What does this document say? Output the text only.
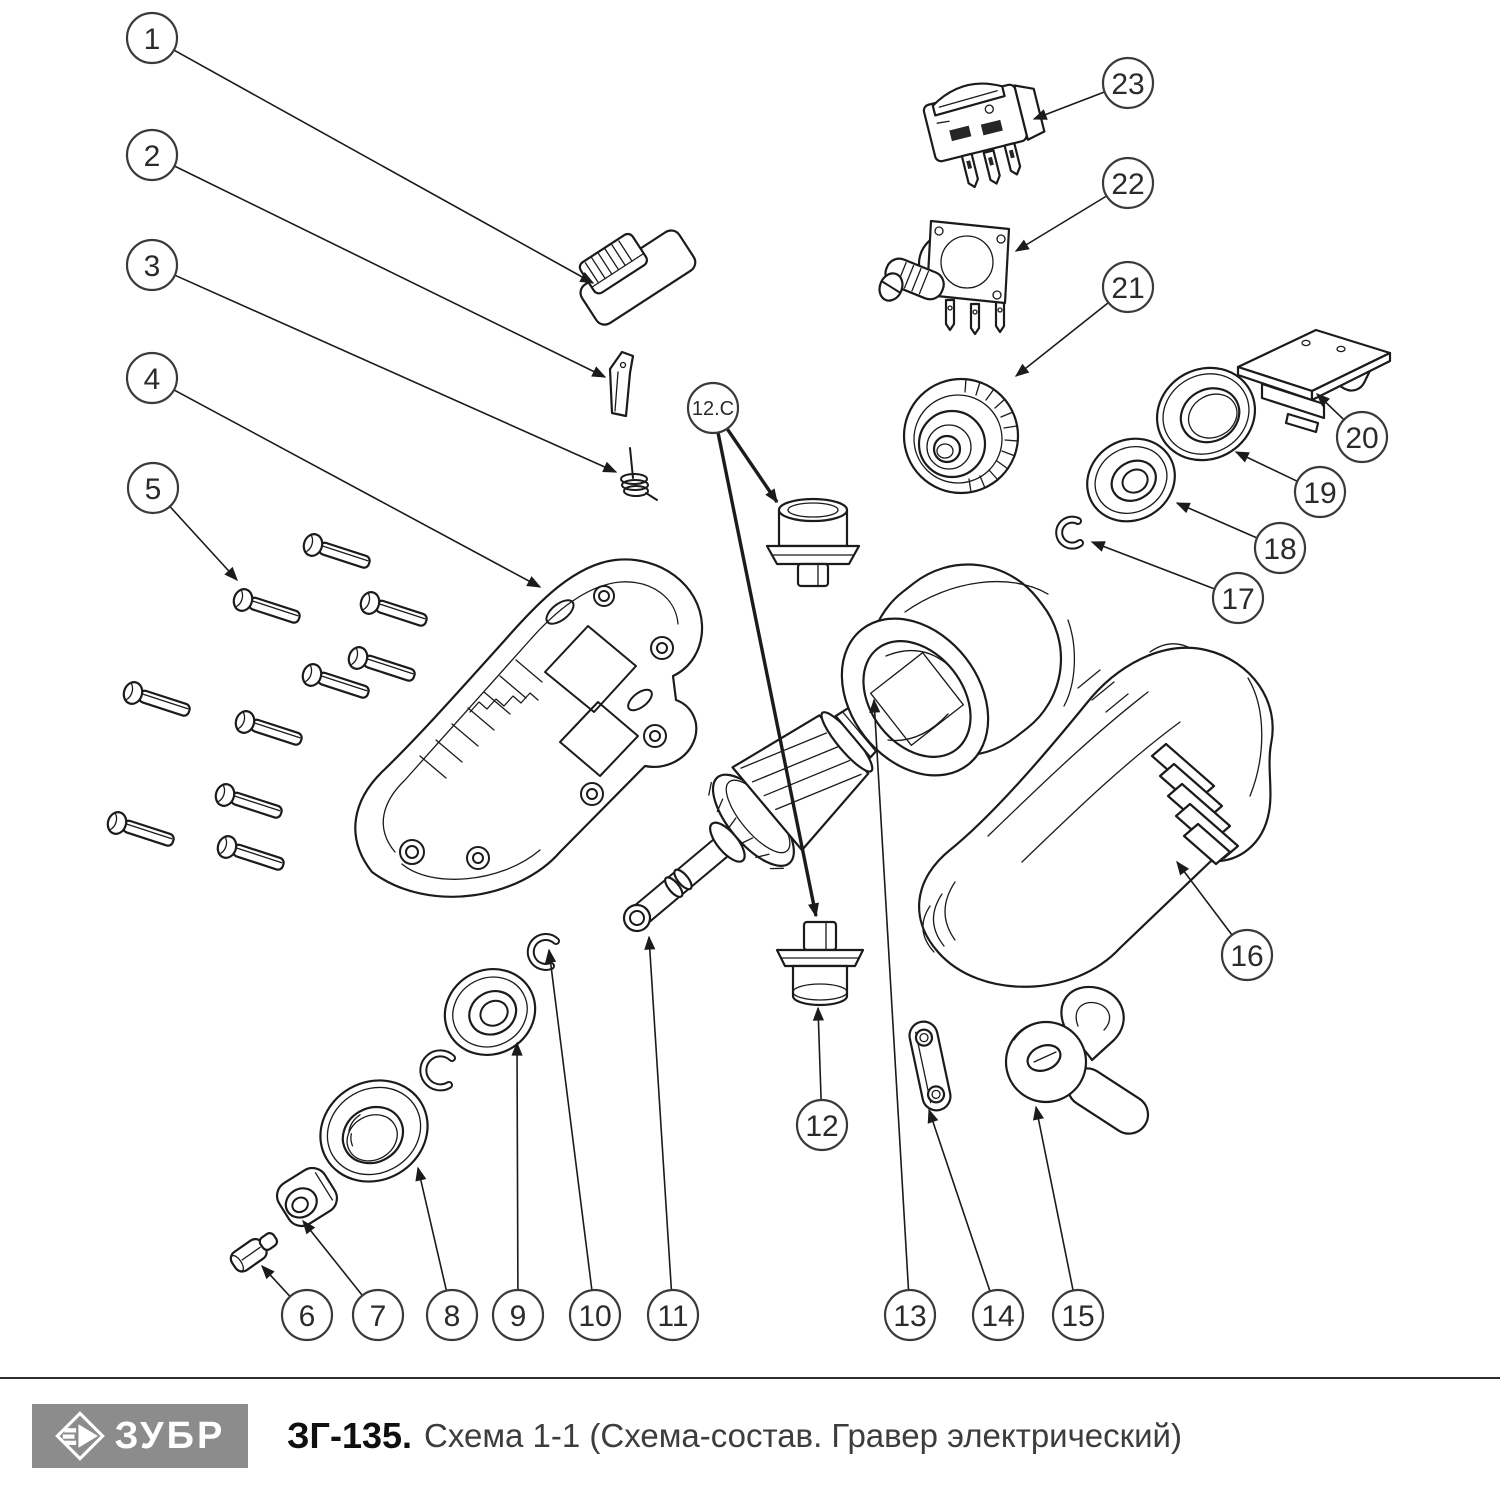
1
2
3
4
5
6 7 8 9 10 11
12
12.C
13 14 15
16
17
18
19
20
21
22
23
ЗУБР ЗГ-135. Схема 1-1 (Схема-состав. Гравер электрический)
